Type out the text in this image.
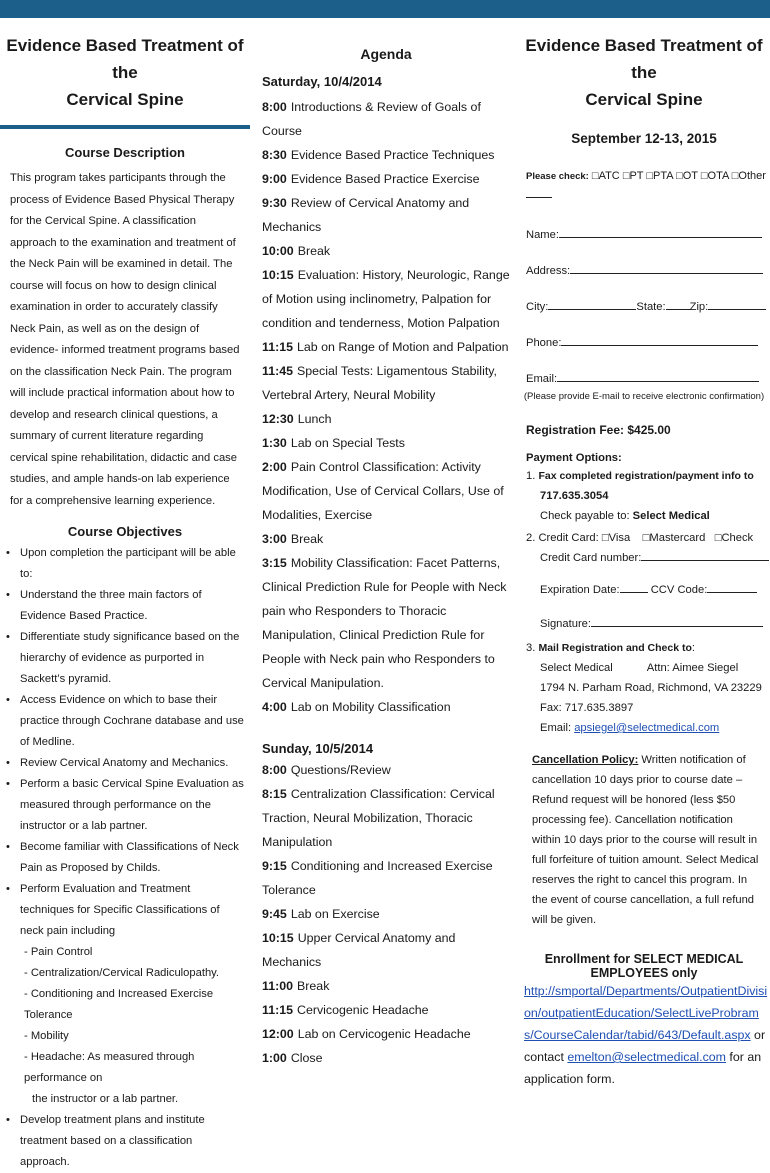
Evidence Based Treatment of the
Cervical Spine
Course Description
This program takes participants through the process of Evidence Based Physical Therapy for the Cervical Spine. A classification approach to the examination and treatment of the Neck Pain will be examined in detail. The course will focus on how to design clinical examination in order to accurately classify Neck Pain, as well as on the design of evidence- informed treatment programs based on the classification Neck Pain. The program will include practical information about how to develop and research clinical questions, a summary of current literature regarding cervical spine rehabilitation, didactic and case studies, and ample hands-on lab experience for a comprehensive learning experience.
Course Objectives
• Upon completion the participant will be able to:
• Understand the three main factors of Evidence Based Practice.
• Differentiate study significance based on the hierarchy of evidence as purported in Sackett’s pyramid.
• Access Evidence on which to base their practice through Cochrane database and use of Medline.
• Review Cervical Anatomy and Mechanics.
• Perform a basic Cervical Spine Evaluation as measured through performance on the instructor or a lab partner.
• Become familiar with Classifications of Neck Pain as Proposed by Childs.
• Perform Evaluation and Treatment techniques for Specific Classifications of neck pain including
- Pain Control
- Centralization/Cervical Radiculopathy.
- Conditioning and Increased Exercise Tolerance
- Mobility
- Headache: As measured through performance on
the instructor or a lab partner.
• Develop treatment plans and institute treatment based on a classification approach.
Agenda
Saturday, 10/4/2014
8:00 Introductions & Review of Goals of Course
8:30 Evidence Based Practice Techniques
9:00 Evidence Based Practice Exercise
9:30 Review of Cervical Anatomy and Mechanics
10:00 Break
10:15 Evaluation: History, Neurologic, Range of Motion using inclinometry, Palpation for condition and tenderness, Motion Palpation
11:15 Lab on Range of Motion and Palpation
11:45 Special Tests: Ligamentous Stability, Vertebral Artery, Neural Mobility
12:30 Lunch
1:30 Lab on Special Tests
2:00 Pain Control Classification: Activity Modification, Use of Cervical Collars, Use of Modalities, Exercise
3:00 Break
3:15 Mobility Classification: Facet Patterns, Clinical Prediction Rule for People with Neck pain who Responders to Thoracic Manipulation, Clinical Prediction Rule for People with Neck pain who Responders to Cervical Manipulation.
4:00 Lab on Mobility Classification
Sunday, 10/5/2014
8:00 Questions/Review
8:15 Centralization Classification: Cervical Traction, Neural Mobilization, Thoracic Manipulation
9:15 Conditioning and Increased Exercise Tolerance
9:45 Lab on Exercise
10:15 Upper Cervical Anatomy and Mechanics
11:00 Break
11:15 Cervicogenic Headache
12:00 Lab on Cervicogenic Headache
1:00 Close
Evidence Based Treatment of the
Cervical Spine
September 12-13, 2015
Please check: □ATC □PT □PTA □OT □OTA □Other
Name:
Address:
City:	State: Zip:
Phone:
Email:
(Please provide E-mail to receive electronic confirmation)
Registration Fee: $425.00
Payment Options:
1. Fax completed registration/payment info to
717.635.3054
Check payable to: Select Medical
2. Credit Card: □Visa □Mastercard □Check
Credit Card number:
Expiration Date:	CCV Code:
Signature:
3. Mail Registration and Check to:
Select Medical	Attn: Aimee Siegel
1794 N. Parham Road, Richmond, VA 23229
Fax: 717.635.3897
Email: apsiegel@selectmedical.com
Cancellation Policy: Written notification of cancellation 10 days prior to course date – Refund request will be honored (less $50 processing fee). Cancellation notification within 10 days prior to the course will result in full forfeiture of tuition amount. Select Medical reserves the right to cancel this program. In the event of course cancellation, a full refund will be given.
Enrollment for SELECT MEDICAL EMPLOYEES only
http://smportal/Departments/OutpatientDivision/outpatientEducation/SelectLiveProbrams/CourseCalendar/tabid/643/Default.aspx or contact emelton@selectmedical.com for an application form.
